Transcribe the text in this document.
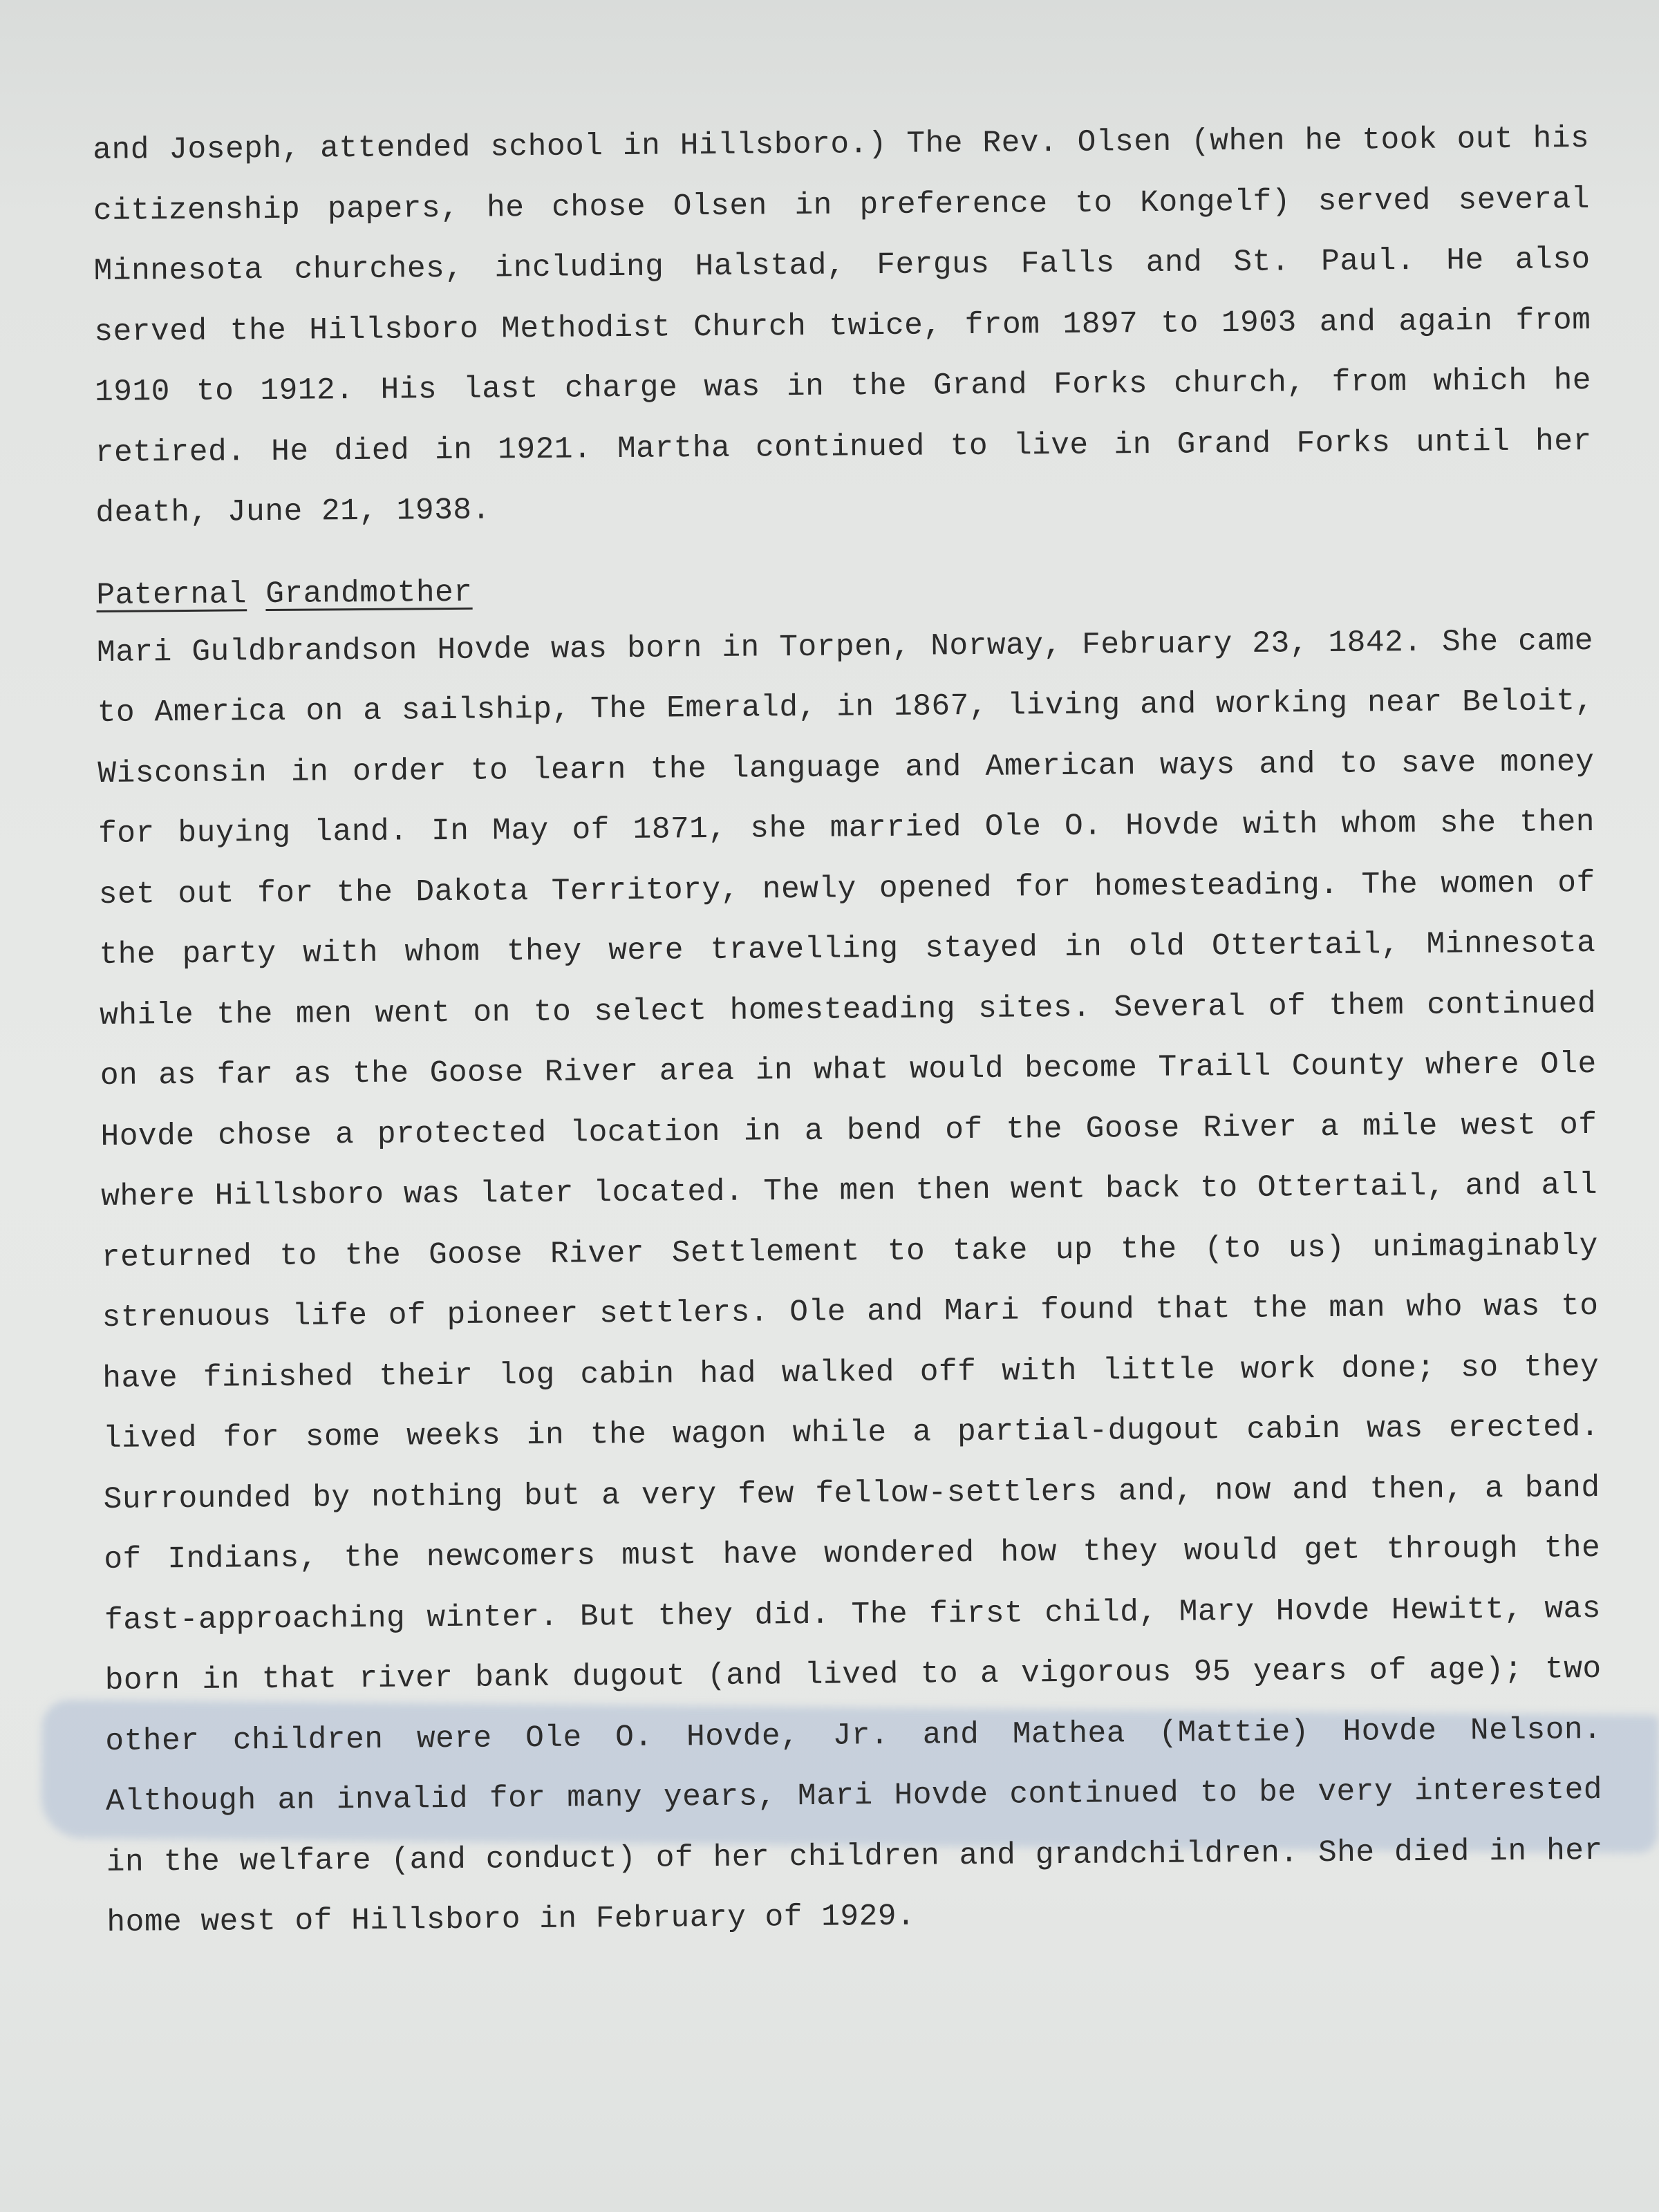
and Joseph, attended school in Hillsboro.) The Rev. Olsen (when he took out his citizenship papers, he chose Olsen in preference to Kongelf) served several Minnesota churches, including Halstad, Fergus Falls and St. Paul. He also served the Hillsboro Methodist Church twice, from 1897 to 1903 and again from 1910 to 1912. His last charge was in the Grand Forks church, from which he retired. He died in 1921. Martha continued to live in Grand Forks until her death, June 21, 1938.

Paternal Grandmother

Mari Guldbrandson Hovde was born in Torpen, Norway, February 23, 1842. She came to America on a sailship, The Emerald, in 1867, living and working near Beloit, Wisconsin in order to learn the language and American ways and to save money for buying land. In May of 1871, she married Ole O. Hovde with whom she then set out for the Dakota Territory, newly opened for homesteading. The women of the party with whom they were travelling stayed in old Ottertail, Minnesota while the men went on to select homesteading sites. Several of them continued on as far as the Goose River area in what would become Traill County where Ole Hovde chose a protected location in a bend of the Goose River a mile west of where Hillsboro was later located. The men then went back to Ottertail, and all returned to the Goose River Settlement to take up the (to us) unimaginably strenuous life of pioneer settlers. Ole and Mari found that the man who was to have finished their log cabin had walked off with little work done; so they lived for some weeks in the wagon while a partial-dugout cabin was erected. Surrounded by nothing but a very few fellow-settlers and, now and then, a band of Indians, the newcomers must have wondered how they would get through the fast-approaching winter. But they did. The first child, Mary Hovde Hewitt, was born in that river bank dugout (and lived to a vigorous 95 years of age); two other children were Ole O. Hovde, Jr. and Mathea (Mattie) Hovde Nelson. Although an invalid for many years, Mari Hovde continued to be very interested in the welfare (and conduct) of her children and grandchildren. She died in her home west of Hillsboro in February of 1929.
